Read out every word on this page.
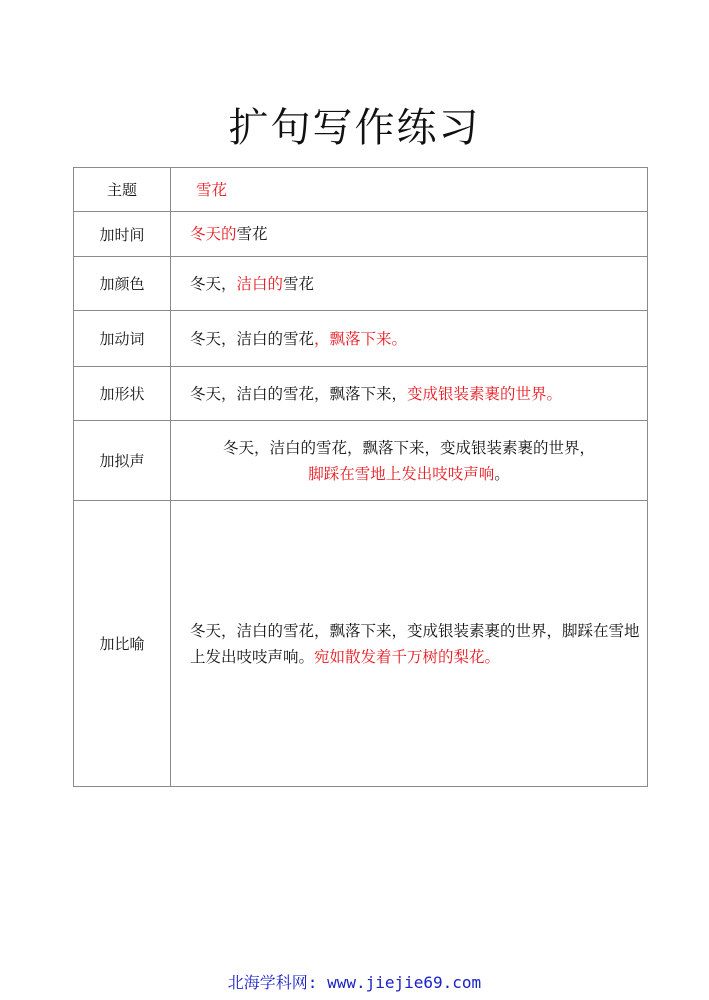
扩句写作练习
主题	雪花
加时间	冬天的雪花
加颜色	冬天，洁白的雪花
加动词	冬天，洁白的雪花，飘落下来。
加形状	冬天，洁白的雪花，飘落下来，变成银装素裹的世界。
加拟声	冬天，洁白的雪花，飘落下来，变成银装素裹的世界，
脚踩在雪地上发出吱吱声响。
加比喻	冬天，洁白的雪花，飘落下来，变成银装素裹的世界，脚踩在雪地上发出吱吱声响。宛如散发着千万树的梨花。
北海学科网: www.jiejie69.com
